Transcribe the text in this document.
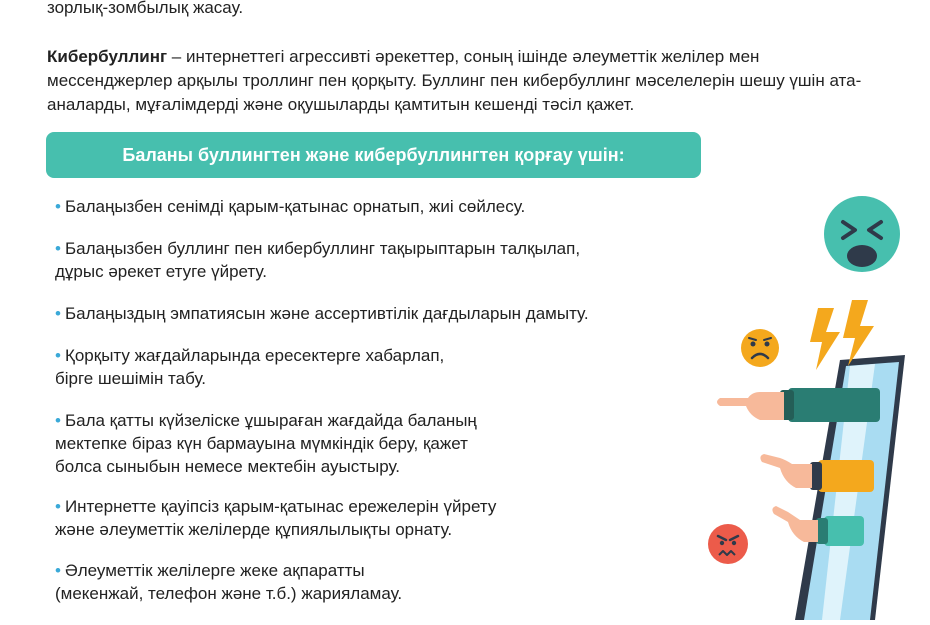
зорлық-зомбылық жасау.
Кибербуллинг – интернеттегі агрессивті әрекеттер, соның ішінде әлеуметтік желілер мен мессенджерлер арқылы троллинг пен қорқыту. Буллинг пен кибербуллинг мәселелерін шешу үшін ата-аналарды, мұғалімдерді және оқушыларды қамтитын кешенді тәсіл қажет.
Баланы буллингтен және кибербуллингтен қорғау үшін:
• Балаңызбен сенімді қарым-қатынас орнатып, жиі сөйлесу.

• Балаңызбен буллинг пен кибербуллинг тақырыптарын талқылап,
дұрыс әрекет етуге үйрету.
• Балаңыздың эмпатиясын және ассертивтілік дағдыларын дамыту.
• Қорқыту жағдайларында ересектерге хабарлап,
бірге шешімін табу.
• Бала қатты күйзеліске ұшыраған жағдайда баланың
мектепке біраз күн бармауына мүмкіндік беру, қажет
болса сыныбын немесе мектебін ауыстыру.
• Интернетте қауіпсіз қарым-қатынас ережелерін үйрету
және әлеуметтік желілерде құпиялылықты орнату.
• Әлеуметтік желілерге жеке ақпаратты
(мекенжай, телефон және т.б.) жарияламау.
